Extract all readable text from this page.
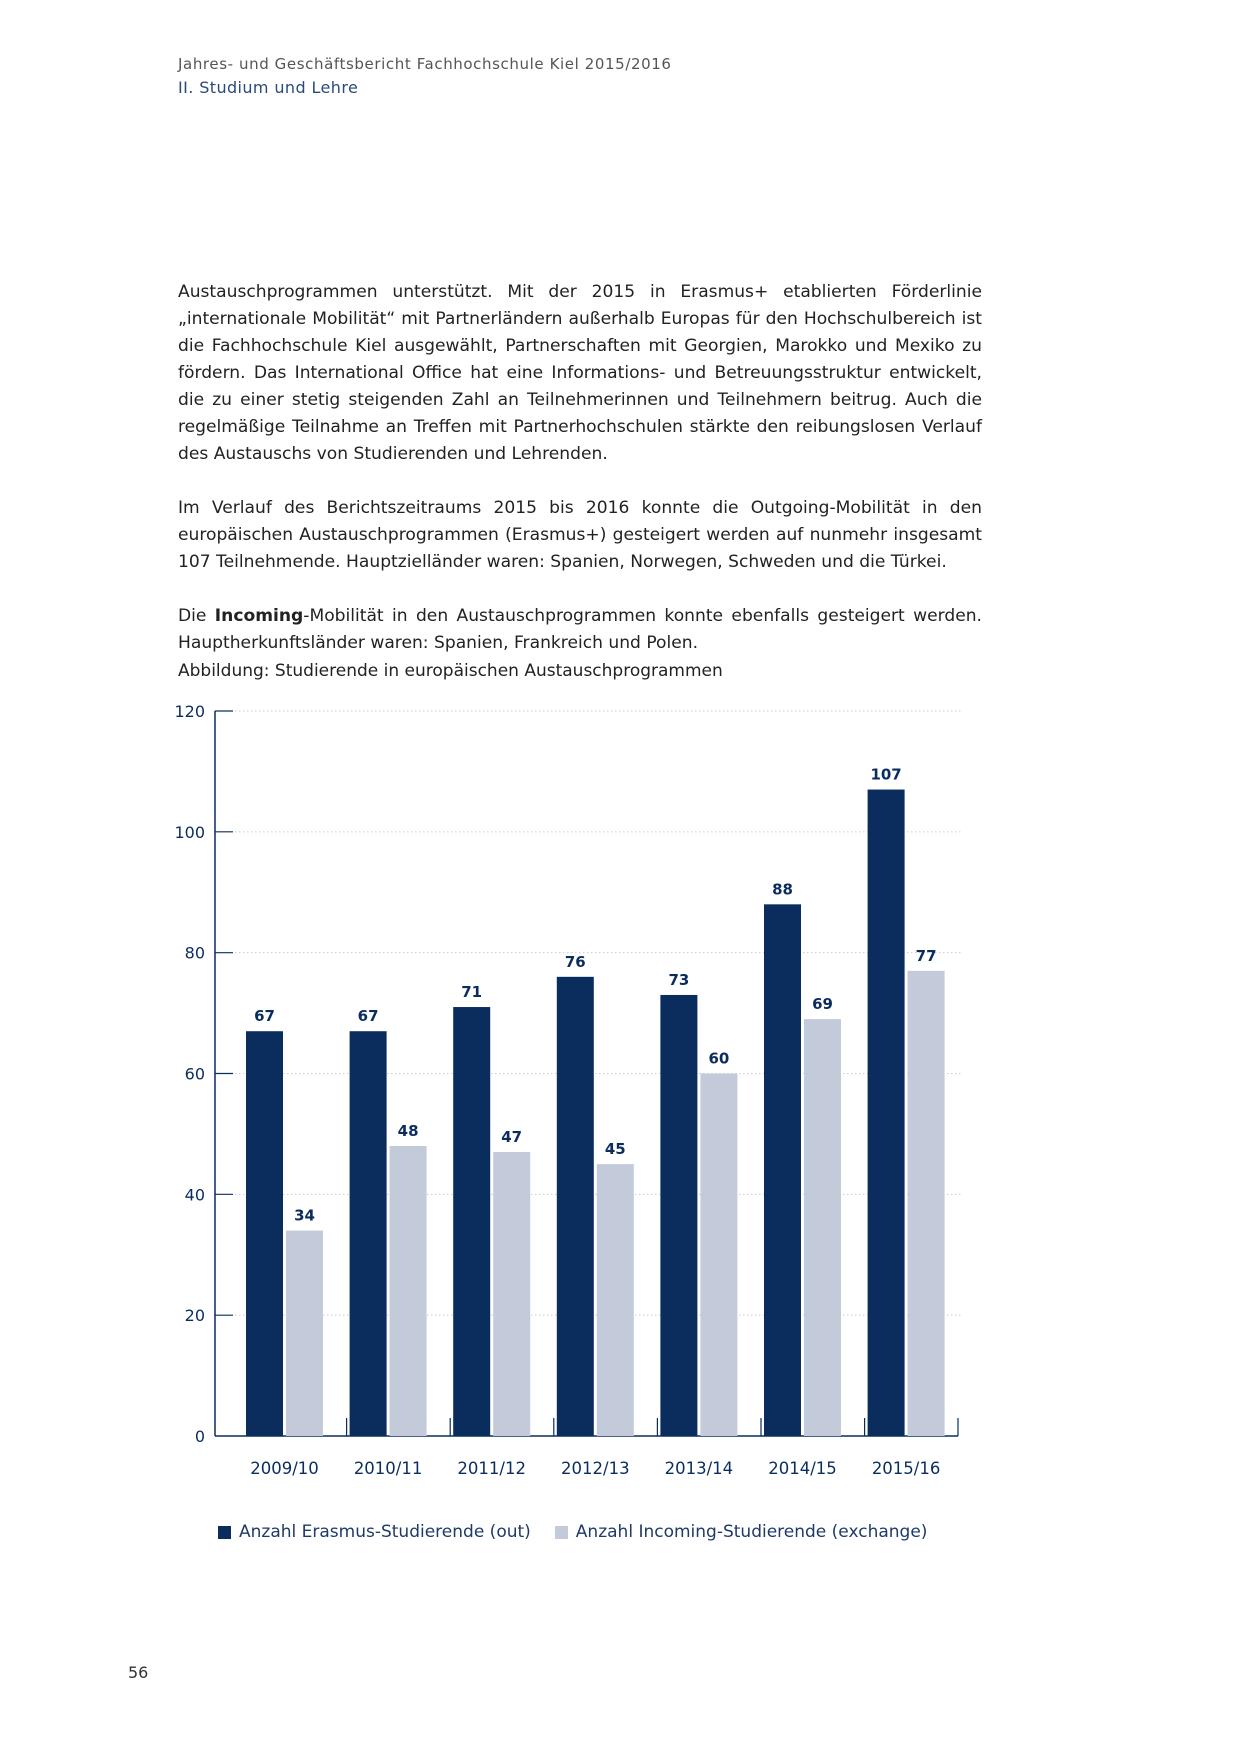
Jahres- und Geschäftsbericht Fachhochschule Kiel 2015/2016
II. Studium und Lehre

Austauschprogrammen unterstützt. Mit der 2015 in Erasmus+ etablierten Förderlinie „internationale Mobilität“ mit Partnerländern außerhalb Europas für den Hochschulbereich ist die Fachhochschule Kiel ausgewählt, Partnerschaften mit Georgien, Marokko und Mexiko zu fördern. Das International Office hat eine Informations- und Betreuungsstruktur entwickelt, die zu einer stetig steigenden Zahl an Teilnehmerinnen und Teilnehmern beitrug. Auch die regelmäßige Teilnahme an Treffen mit Partnerhochschulen stärkte den reibungslosen Verlauf des Austauschs von Studierenden und Lehrenden.

Im Verlauf des Berichtszeitraums 2015 bis 2016 konnte die Outgoing-Mobilität in den europäischen Austauschprogrammen (Erasmus+) gesteigert werden auf nunmehr insgesamt 107 Teilnehmende. Hauptzielländer waren: Spanien, Norwegen, Schweden und die Türkei.

Die Incoming-Mobilität in den Austauschprogrammen konnte ebenfalls gesteigert werden. Hauptherkunftsländer waren: Spanien, Frankreich und Polen.

Abbildung: Studierende in europäischen Austauschprogrammen
0
20
40
60
80
100
120
67
34
2009/10
67
48
2010/11
71
47
2011/12
76
45
2012/13
73
60
2013/14
88
69
2014/15
107
77
2015/16
Anzahl Erasmus-Studierende (out)	Anzahl Incoming-Studierende (exchange)
56
